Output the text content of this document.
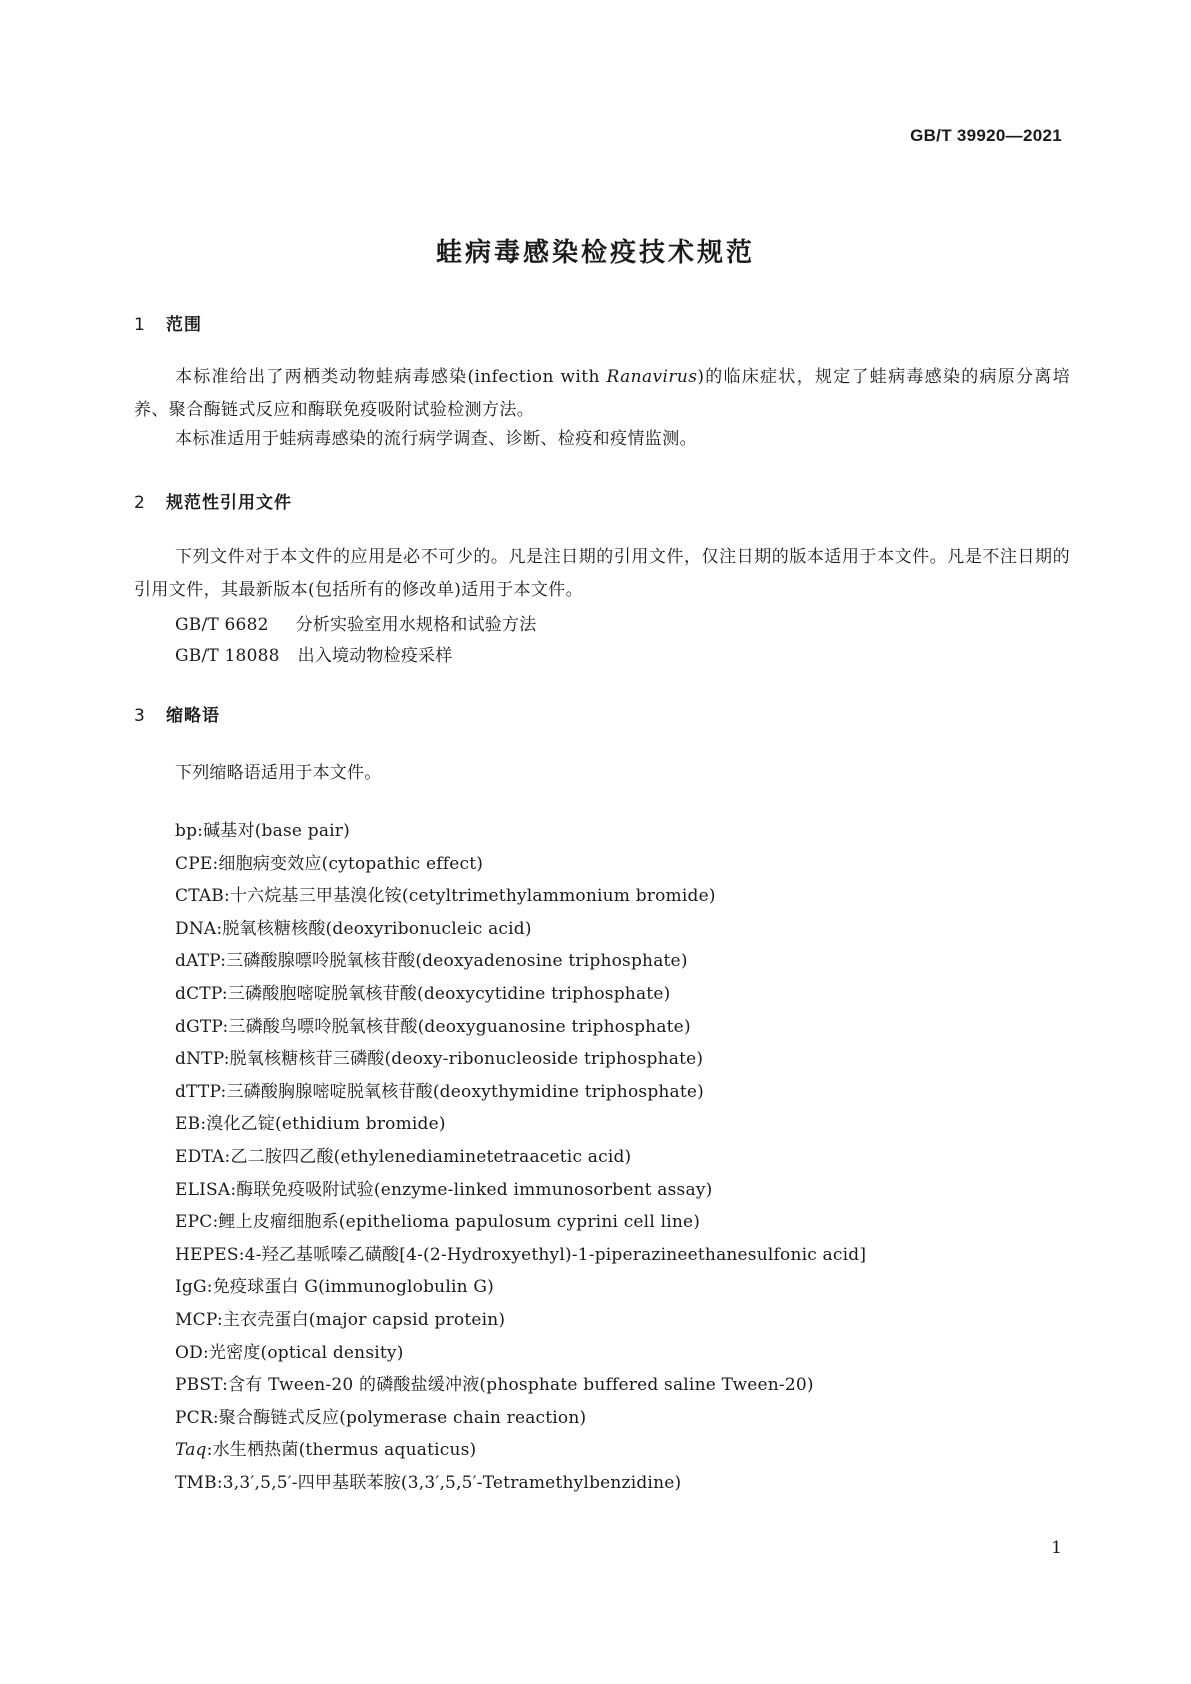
GB/T 39920—2021
蛙病毒感染检疫技术规范
1	范围
本标准给出了两栖类动物蛙病毒感染(infection with Ranavirus)的临床症状，规定了蛙病毒感染的病原分离培养、聚合酶链式反应和酶联免疫吸附试验检测方法。
本标准适用于蛙病毒感染的流行病学调查、诊断、检疫和疫情监测。
2	规范性引用文件
下列文件对于本文件的应用是必不可少的。凡是注日期的引用文件，仅注日期的版本适用于本文件。凡是不注日期的引用文件，其最新版本(包括所有的修改单)适用于本文件。
GB/T 6682 分析实验室用水规格和试验方法
GB/T 18088 出入境动物检疫采样
3	缩略语
下列缩略语适用于本文件。
bp:碱基对(base pair)
CPE:细胞病变效应(cytopathic effect)
CTAB:十六烷基三甲基溴化铵(cetyltrimethylammonium bromide)
DNA:脱氧核糖核酸(deoxyribonucleic acid)
dATP:三磷酸腺嘌呤脱氧核苷酸(deoxyadenosine triphosphate)
dCTP:三磷酸胞嘧啶脱氧核苷酸(deoxycytidine triphosphate)
dGTP:三磷酸鸟嘌呤脱氧核苷酸(deoxyguanosine triphosphate)
dNTP:脱氧核糖核苷三磷酸(deoxy-ribonucleoside triphosphate)
dTTP:三磷酸胸腺嘧啶脱氧核苷酸(deoxythymidine triphosphate)
EB:溴化乙锭(ethidium bromide)
EDTA:乙二胺四乙酸(ethylenediaminetetraacetic acid)
ELISA:酶联免疫吸附试验(enzyme-linked immunosorbent assay)
EPC:鲤上皮瘤细胞系(epithelioma papulosum cyprini cell line)
HEPES:4-羟乙基哌嗪乙磺酸[4-(2-Hydroxyethyl)-1-piperazineethanesulfonic acid]
IgG:免疫球蛋白 G(immunoglobulin G)
MCP:主衣壳蛋白(major capsid protein)
OD:光密度(optical density)
PBST:含有 Tween-20 的磷酸盐缓冲液(phosphate buffered saline Tween-20)
PCR:聚合酶链式反应(polymerase chain reaction)
Taq:水生栖热菌(thermus aquaticus)
TMB:3,3′,5,5′-四甲基联苯胺(3,3′,5,5′-Tetramethylbenzidine)
1
